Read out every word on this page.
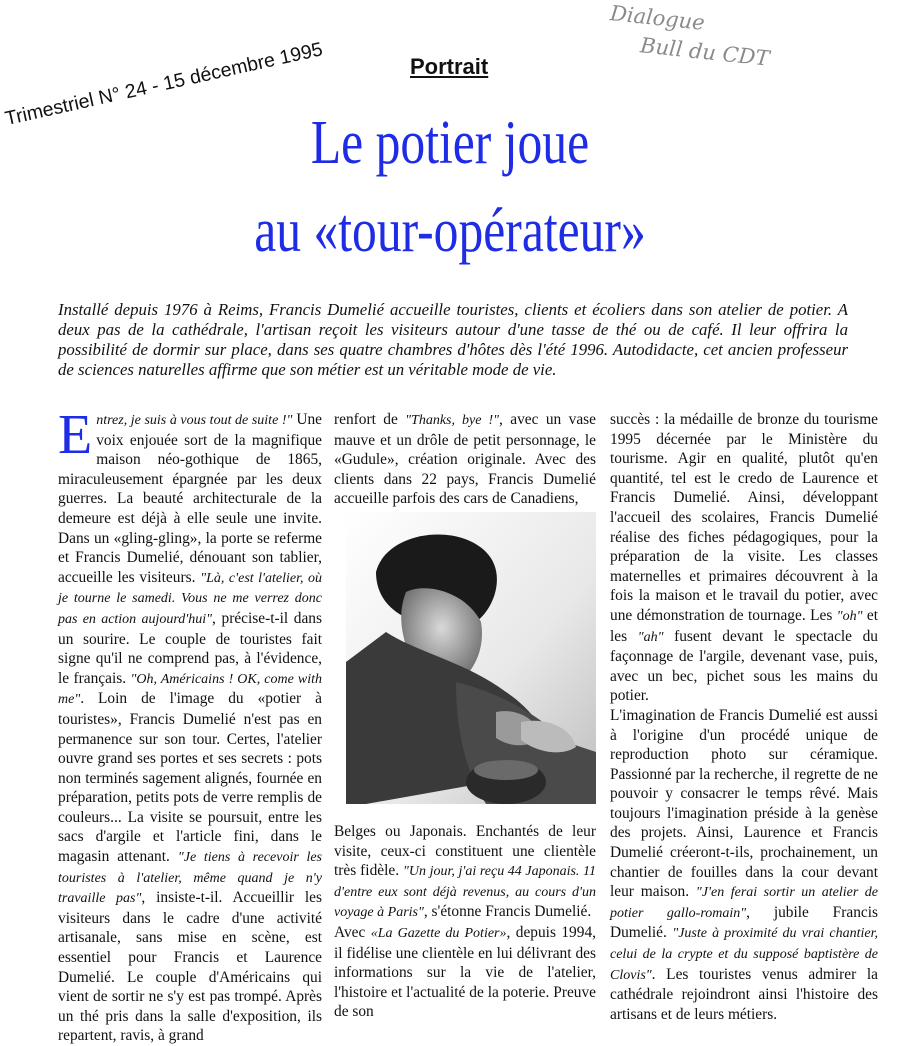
Trimestriel N° 24 - 15 décembre 1995
Dialogue
Bull du CDT
Portrait
Le potier joue
au «tour-opérateur»
Installé depuis 1976 à Reims, Francis Dumelié accueille touristes, clients et écoliers dans son atelier de potier. A deux pas de la cathédrale, l'artisan reçoit les visiteurs autour d'une tasse de thé ou de café. Il leur offrira la possibilité de dormir sur place, dans ses quatre chambres d'hôtes dès l'été 1996. Autodidacte, cet ancien professeur de sciences naturelles affirme que son métier est un véritable mode de vie.

Entrez, je suis à vous tout de suite !" Une voix enjouée sort de la magnifique maison néo-gothique de 1865, miraculeusement épargnée par les deux guerres. La beauté architecturale de la demeure est déjà à elle seule une invite. Dans un «gling-gling», la porte se referme et Francis Dumelié, dénouant son tablier, accueille les visiteurs. "Là, c'est l'atelier, où je tourne le samedi. Vous ne me verrez donc pas en action aujourd'hui", précise-t-il dans un sourire. Le couple de touristes fait signe qu'il ne comprend pas, à l'évidence, le français. "Oh, Américains ! OK, come with me". Loin de l'image du «potier à touristes», Francis Dumelié n'est pas en permanence sur son tour. Certes, l'atelier ouvre grand ses portes et ses secrets : pots non terminés sagement alignés, fournée en préparation, petits pots de verre remplis de couleurs... La visite se poursuit, entre les sacs d'argile et l'article fini, dans le magasin attenant. "Je tiens à recevoir les touristes à l'atelier, même quand je n'y travaille pas", insiste-t-il. Accueillir les visiteurs dans le cadre d'une activité artisanale, sans mise en scène, est essentiel pour Francis et Laurence Dumelié. Le couple d'Américains qui vient de sortir ne s'y est pas trompé. Après un thé pris dans la salle d'exposition, ils repartent, ravis, à grand

renfort de "Thanks, bye !", avec un vase mauve et un drôle de petit personnage, le «Gudule», création originale. Avec des clients dans 22 pays, Francis Dumelié accueille parfois des cars de Canadiens,

Belges ou Japonais. Enchantés de leur visite, ceux-ci constituent une clientèle très fidèle. "Un jour, j'ai reçu 44 Japonais. 11 d'entre eux sont déjà revenus, au cours d'un voyage à Paris", s'étonne Francis Dumelié.

Avec «La Gazette du Potier», depuis 1994, il fidélise une clientèle en lui délivrant des informations sur la vie de l'atelier, l'histoire et l'actualité de la poterie. Preuve de son

succès : la médaille de bronze du tourisme 1995 décernée par le Ministère du tourisme. Agir en qualité, plutôt qu'en quantité, tel est le credo de Laurence et Francis Dumelié. Ainsi, développant l'accueil des scolaires, Francis Dumelié réalise des fiches pédagogiques, pour la préparation de la visite. Les classes maternelles et primaires découvrent à la fois la maison et le travail du potier, avec une démonstration de tournage. Les "oh" et les "ah" fusent devant le spectacle du façonnage de l'argile, devenant vase, puis, avec un bec, pichet sous les mains du potier.

L'imagination de Francis Dumelié est aussi à l'origine d'un procédé unique de reproduction photo sur céramique. Passionné par la recherche, il regrette de ne pouvoir y consacrer le temps rêvé. Mais toujours l'imagination préside à la genèse des projets. Ainsi, Laurence et Francis Dumelié créeront-t-ils, prochainement, un chantier de fouilles dans la cour devant leur maison. "J'en ferai sortir un atelier de potier gallo-romain", jubile Francis Dumelié. "Juste à proximité du vrai chantier, celui de la crypte et du supposé baptistère de Clovis". Les touristes venus admirer la cathédrale rejoindront ainsi l'histoire des artisans et de leurs métiers.
